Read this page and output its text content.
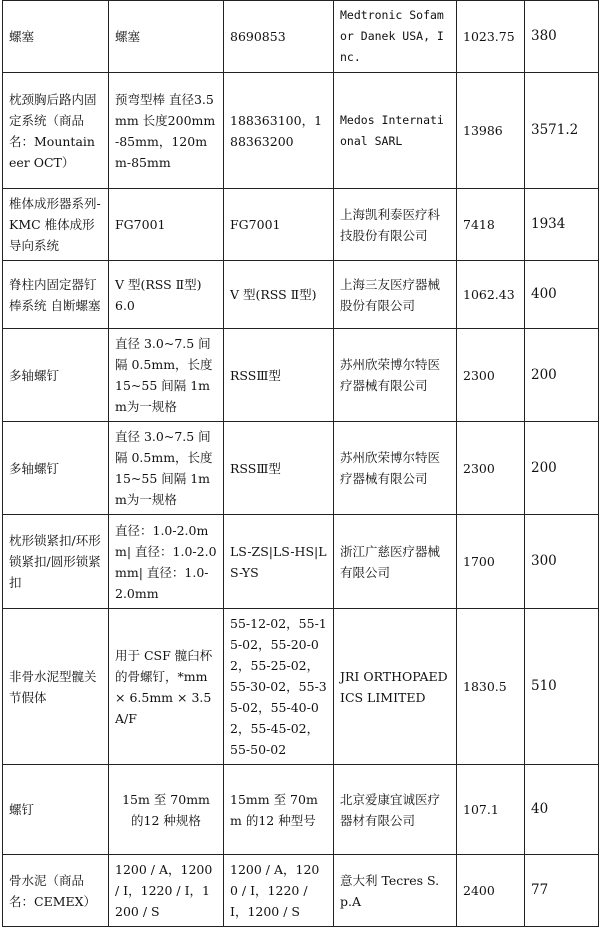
螺塞	螺塞	8690853	Medtronic Sofamor Danek USA, Inc.	1023.75	380
枕颈胸后路内固定系统（商品名：Mountaineer OCT）	预弯型棒 直径3.5mm 长度200mm-85mm，120mm-85mm	188363100，188363200	Medos International SARL	13986	3571.2
椎体成形器系列-KMC 椎体成形导向系统	FG7001	FG7001	上海凯利泰医疗科技股份有限公司	7418	1934
脊柱内固定器钉棒系统 自断螺塞	V 型(RSS Ⅱ型) 6.0	V 型(RSS Ⅱ型)	上海三友医疗器械股份有限公司	1062.43	400
多轴螺钉	直径 3.0~7.5 间隔 0.5mm，长度15~55 间隔 1mm为一规格	RSSⅢ型	苏州欣荣博尔特医疗器械有限公司	2300	200
多轴螺钉	直径 3.0~7.5 间隔 0.5mm，长度15~55 间隔 1mm为一规格	RSSⅢ型	苏州欣荣博尔特医疗器械有限公司	2300	200
枕形锁紧扣/环形锁紧扣/圆形锁紧扣	直径：1.0-2.0mm| 直径：1.0-2.0mm| 直径：1.0-2.0mm	LS-ZS|LS-HS|LS-YS	浙江广慈医疗器械有限公司	1700	300
非骨水泥型髋关节假体	用于 CSF 髋臼杯的骨螺钉，*mm × 6.5mm × 3.5A/F	55-12-02，55-15-02，55-20-02，55-25-02，55-30-02，55-35-02，55-40-02，55-45-02，55-50-02	JRI ORTHOPAEDICS LIMITED	1830.5	510
螺钉	15m 至 70mm 的12 种规格	15mm 至 70mm 的12 种型号	北京爱康宜诚医疗器材有限公司	107.1	40
骨水泥（商品名：CEMEX）	1200 / A，1200 / I，1220 / I，1200 / S	1200 / A，1200 / I，1220 / I，1200 / S	意大利 Tecres S.p.A	2400	77
